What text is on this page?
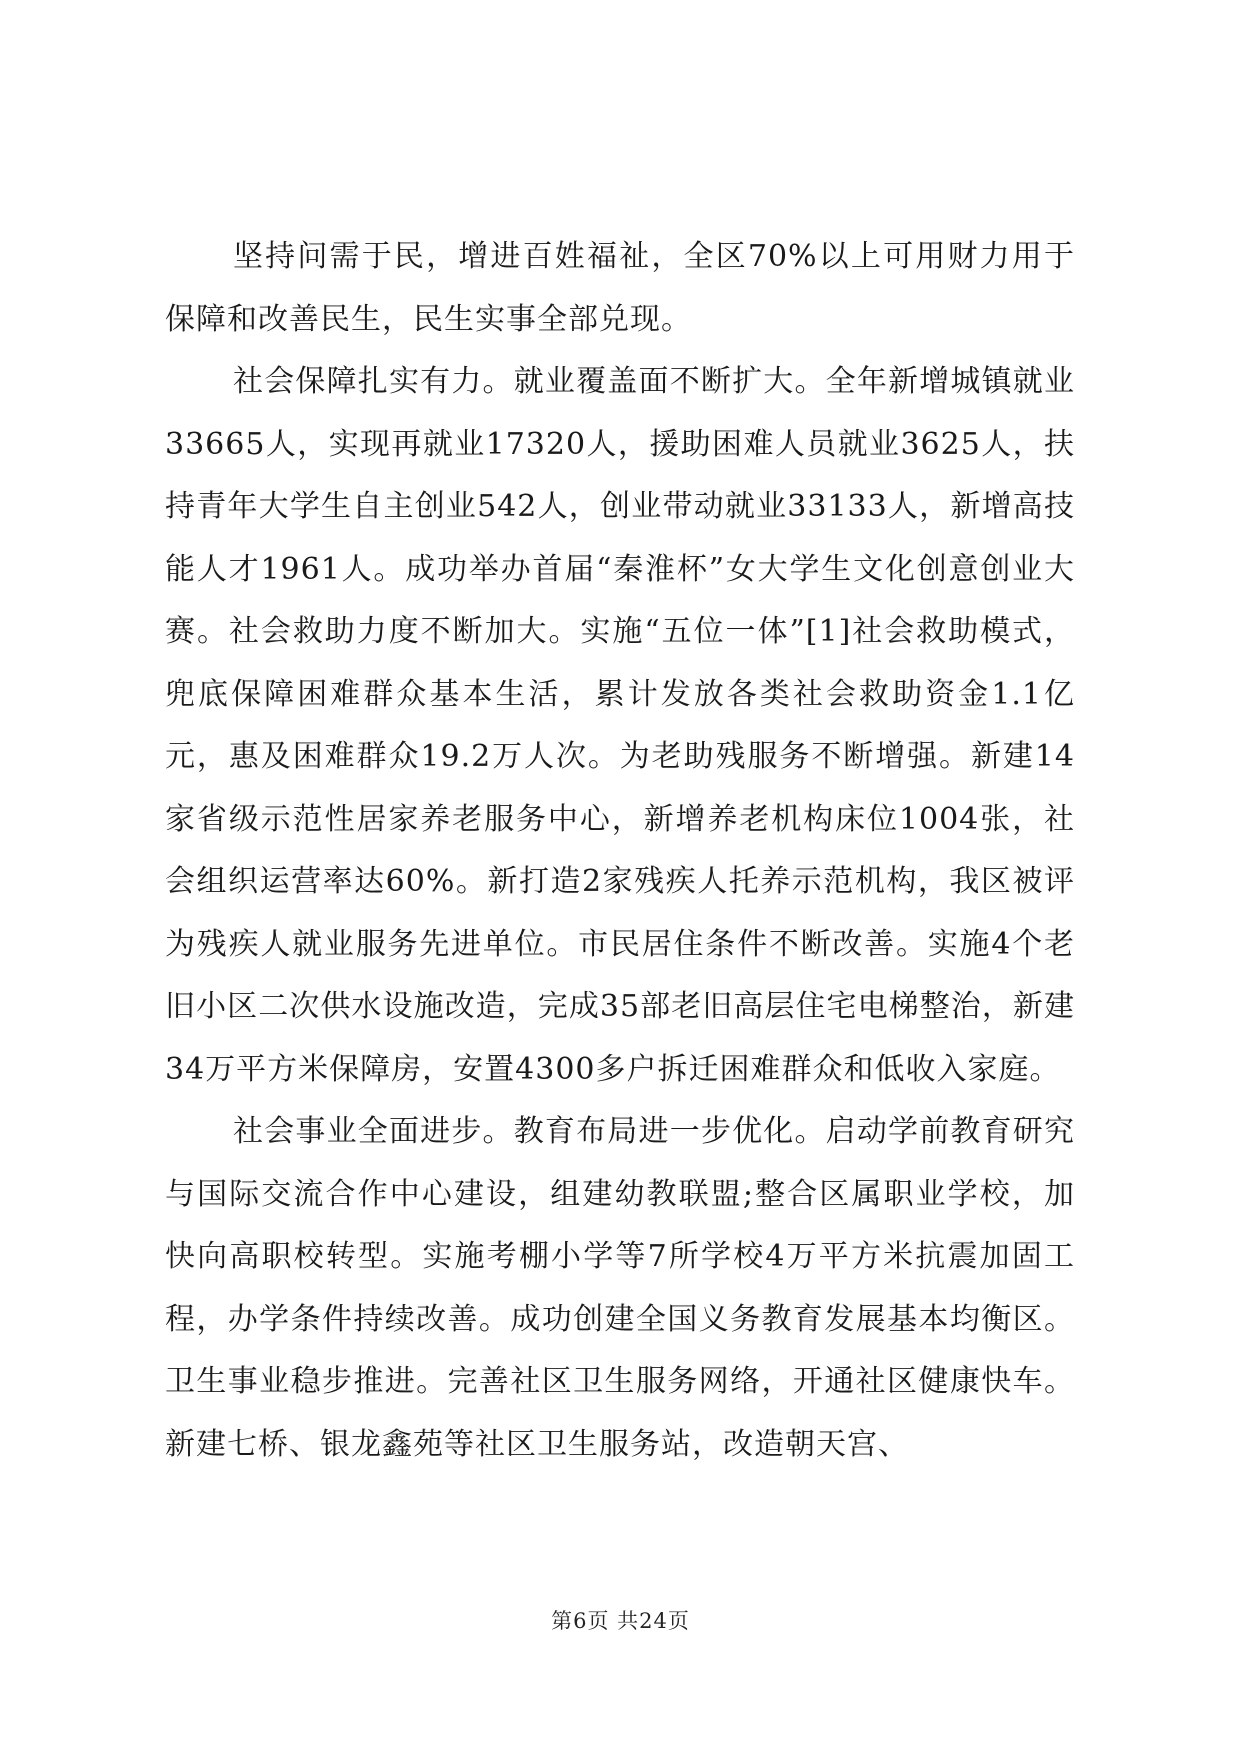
坚持问需于民，增进百姓福祉，全区70%以上可用财力用于保障和改善民生，民生实事全部兑现。

社会保障扎实有力。就业覆盖面不断扩大。全年新增城镇就业33665人，实现再就业17320人，援助困难人员就业3625人，扶持青年大学生自主创业542人，创业带动就业33133人，新增高技能人才1961人。成功举办首届“秦淮杯”女大学生文化创意创业大赛。社会救助力度不断加大。实施“五位一体”[1]社会救助模式，兜底保障困难群众基本生活，累计发放各类社会救助资金1.1亿元，惠及困难群众19.2万人次。为老助残服务不断增强。新建14家省级示范性居家养老服务中心，新增养老机构床位1004张，社会组织运营率达60%。新打造2家残疾人托养示范机构，我区被评为残疾人就业服务先进单位。市民居住条件不断改善。实施4个老旧小区二次供水设施改造，完成35部老旧高层住宅电梯整治，新建34万平方米保障房，安置4300多户拆迁困难群众和低收入家庭。

社会事业全面进步。教育布局进一步优化。启动学前教育研究与国际交流合作中心建设，组建幼教联盟;整合区属职业学校，加快向高职校转型。实施考棚小学等7所学校4万平方米抗震加固工程，办学条件持续改善。成功创建全国义务教育发展基本均衡区。卫生事业稳步推进。完善社区卫生服务网络，开通社区健康快车。新建七桥、银龙鑫苑等社区卫生服务站，改造朝天宫、

第6页 共24页
